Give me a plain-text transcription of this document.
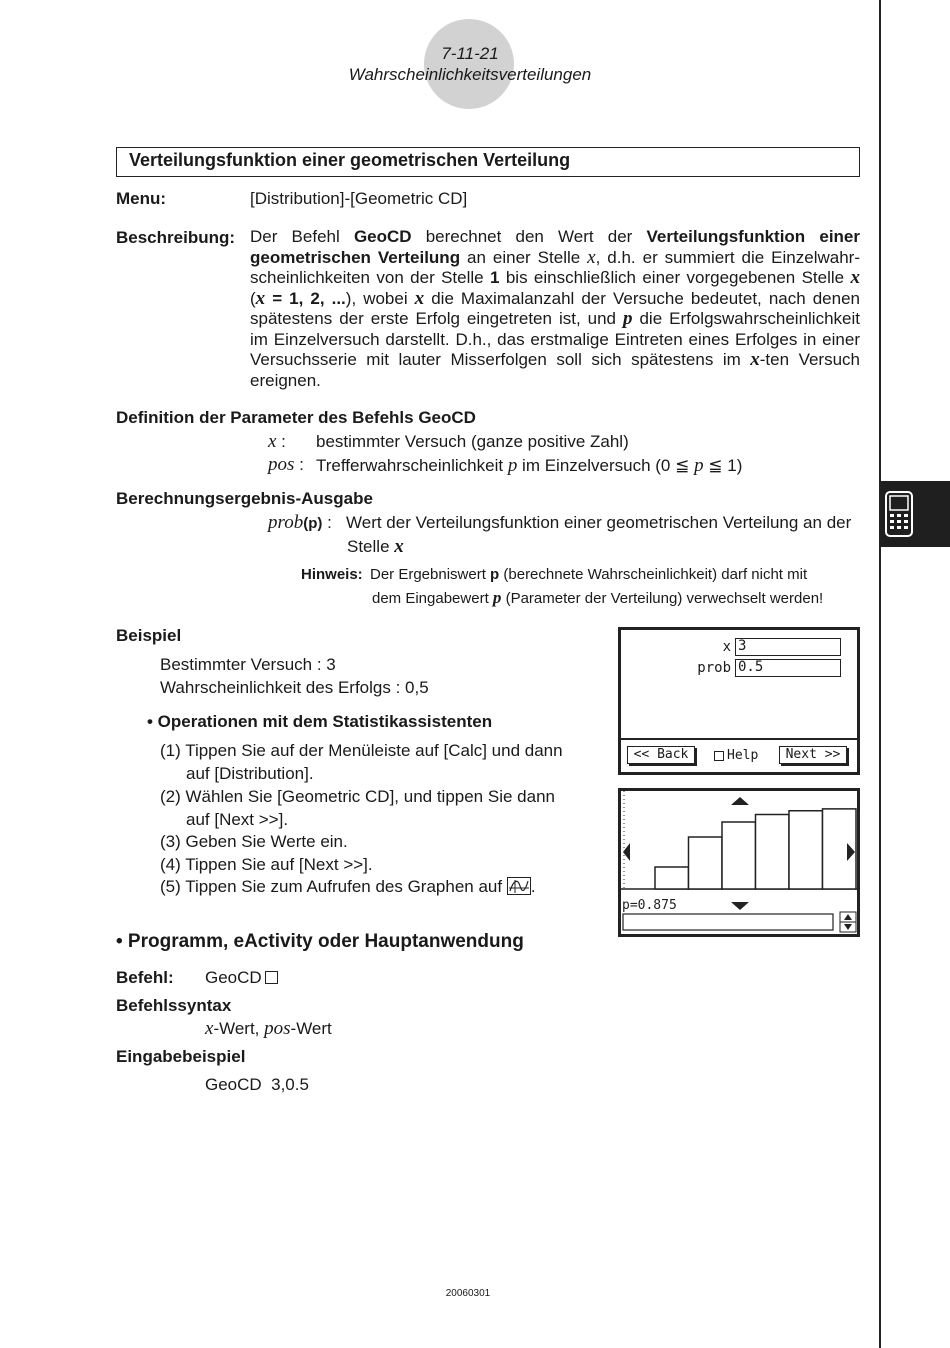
7-11-21
Wahrscheinlichkeitsverteilungen
Verteilungsfunktion einer geometrischen Verteilung
Menu:	[Distribution]-[Geometric CD]
Beschreibung: Der Befehl GeoCD berechnet den Wert der Verteilungsfunktion einer
geometrischen Verteilung an einer Stelle x, d.h. er summiert die Einzelwahr-
scheinlichkeiten von der Stelle 1 bis einschließlich einer vorgegebenen Stelle x
(x = 1, 2, ...), wobei x die Maximalanzahl der Versuche bedeutet, nach denen
spätestens der erste Erfolg eingetreten ist, und p die Erfolgswahrscheinlichkeit
im Einzelversuch darstellt. D.h., das erstmalige Eintreten eines Erfolges in einer
Versuchsserie mit lauter Misserfolgen soll sich spätestens im x-ten Versuch
ereignen.
Definition der Parameter des Befehls GeoCD
x : bestimmter Versuch (ganze positive Zahl)
pos : Trefferwahrscheinlichkeit p im Einzelversuch (0 ≦ p ≦ 1)
Berechnungsergebnis-Ausgabe
prob(p) : Wert der Verteilungsfunktion einer geometrischen Verteilung an der
Stelle x
Hinweis: Der Ergebniswert p (berechnete Wahrscheinlichkeit) darf nicht mit
dem Eingabewert p (Parameter der Verteilung) verwechselt werden!
Beispiel
Bestimmter Versuch : 3
Wahrscheinlichkeit des Erfolgs : 0,5
• Operationen mit dem Statistikassistenten
(1) Tippen Sie auf der Menüleiste auf [Calc] und dann
auf [Distribution].
(2) Wählen Sie [Geometric CD], und tippen Sie dann
auf [Next >>].
(3) Geben Sie Werte ein.
(4) Tippen Sie auf [Next >>].
(5) Tippen Sie zum Aufrufen des Graphen auf .
x 3
prob 0.5
<< Back	Help	Next >>
p=0.875
• Programm, eActivity oder Hauptanwendung
Befehl: GeoCD
Befehlssyntax
x-Wert, pos-Wert
Eingabebeispiel
GeoCD  3,0.5
20060301
